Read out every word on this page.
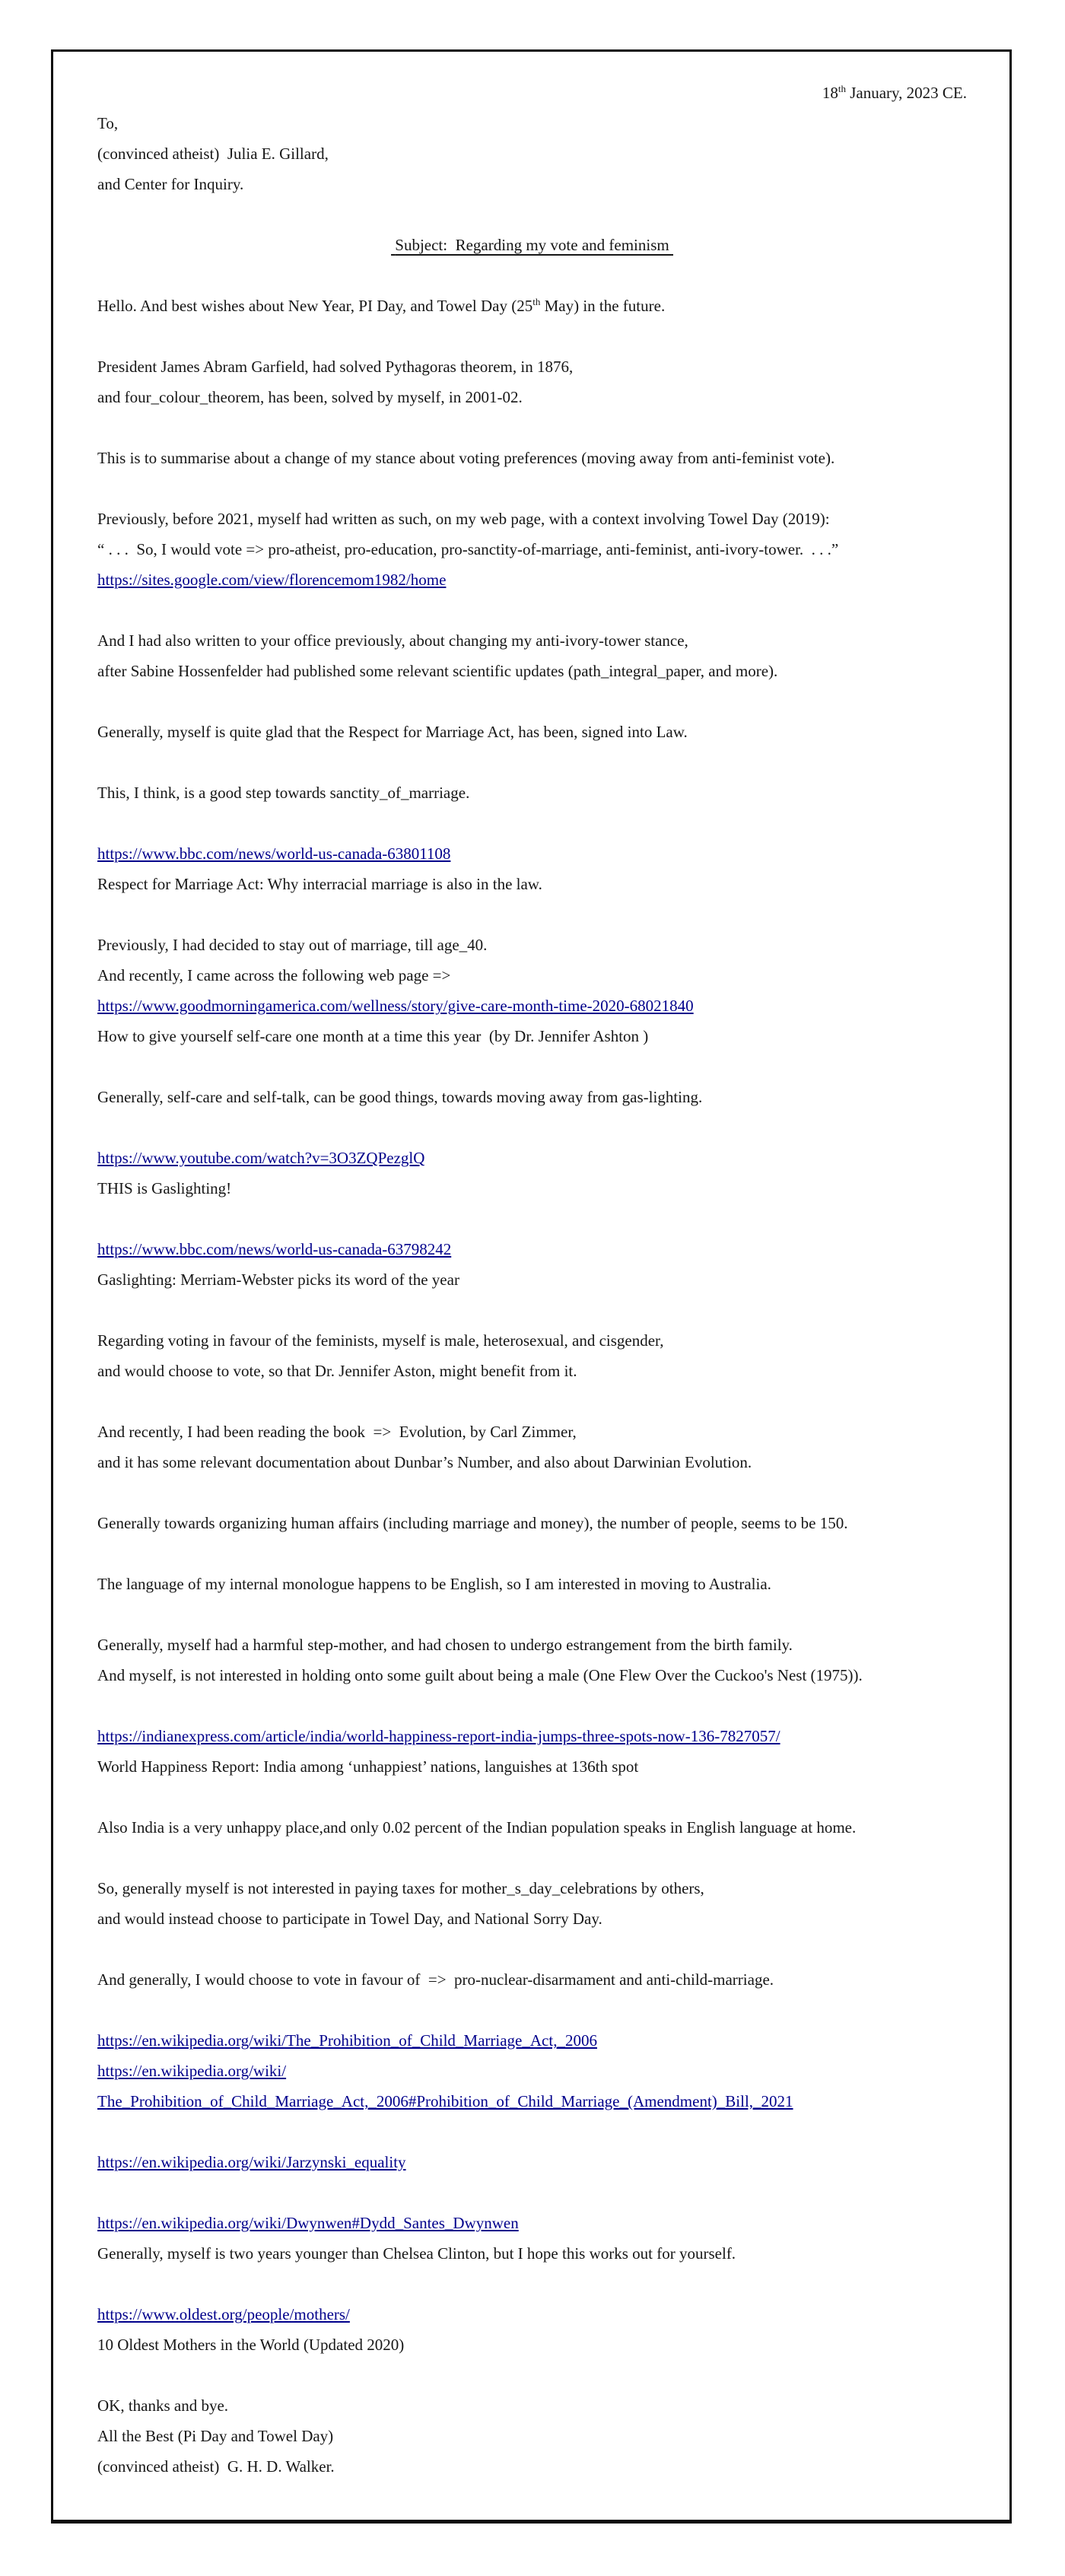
18th January, 2023 CE.
To,
(convinced atheist)  Julia E. Gillard,
and Center for Inquiry.
Subject:  Regarding my vote and feminism
Hello. And best wishes about New Year, PI Day, and Towel Day (25th May) in the future.
President James Abram Garfield, had solved Pythagoras theorem, in 1876,
and four_colour_theorem, has been, solved by myself, in 2001-02.
This is to summarise about a change of my stance about voting preferences (moving away from anti-feminist vote).
Previously, before 2021, myself had written as such, on my web page, with a context involving Towel Day (2019):
“ . . .  So, I would vote => pro-atheist, pro-education, pro-sanctity-of-marriage, anti-feminist, anti-ivory-tower.  . . .”
https://sites.google.com/view/florencemom1982/home
And I had also written to your office previously, about changing my anti-ivory-tower stance,
after Sabine Hossenfelder had published some relevant scientific updates (path_integral_paper, and more).
Generally, myself is quite glad that the Respect for Marriage Act, has been, signed into Law.
This, I think, is a good step towards sanctity_of_marriage.
https://www.bbc.com/news/world-us-canada-63801108
Respect for Marriage Act: Why interracial marriage is also in the law.
Previously, I had decided to stay out of marriage, till age_40.
And recently, I came across the following web page =>
https://www.goodmorningamerica.com/wellness/story/give-care-month-time-2020-68021840
How to give yourself self-care one month at a time this year  (by Dr. Jennifer Ashton )
Generally, self-care and self-talk, can be good things, towards moving away from gas-lighting.
https://www.youtube.com/watch?v=3O3ZQPezglQ
THIS is Gaslighting!
https://www.bbc.com/news/world-us-canada-63798242
Gaslighting: Merriam-Webster picks its word of the year
Regarding voting in favour of the feminists, myself is male, heterosexual, and cisgender,
and would choose to vote, so that Dr. Jennifer Aston, might benefit from it.
And recently, I had been reading the book  =>  Evolution, by Carl Zimmer,
and it has some relevant documentation about Dunbar’s Number, and also about Darwinian Evolution.
Generally towards organizing human affairs (including marriage and money), the number of people, seems to be 150.
The language of my internal monologue happens to be English, so I am interested in moving to Australia.
Generally, myself had a harmful step-mother, and had chosen to undergo estrangement from the birth family.
And myself, is not interested in holding onto some guilt about being a male (One Flew Over the Cuckoo's Nest (1975)).
https://indianexpress.com/article/india/world-happiness-report-india-jumps-three-spots-now-136-7827057/
World Happiness Report: India among ‘unhappiest’ nations, languishes at 136th spot
Also India is a very unhappy place,and only 0.02 percent of the Indian population speaks in English language at home.
So, generally myself is not interested in paying taxes for mother_s_day_celebrations by others,
and would instead choose to participate in Towel Day, and National Sorry Day.
And generally, I would choose to vote in favour of  =>  pro-nuclear-disarmament and anti-child-marriage.
https://en.wikipedia.org/wiki/The_Prohibition_of_Child_Marriage_Act,_2006
https://en.wikipedia.org/wiki/
The_Prohibition_of_Child_Marriage_Act,_2006#Prohibition_of_Child_Marriage_(Amendment)_Bill,_2021
https://en.wikipedia.org/wiki/Jarzynski_equality
https://en.wikipedia.org/wiki/Dwynwen#Dydd_Santes_Dwynwen
Generally, myself is two years younger than Chelsea Clinton, but I hope this works out for yourself.
https://www.oldest.org/people/mothers/
10 Oldest Mothers in the World (Updated 2020)
OK, thanks and bye.
All the Best (Pi Day and Towel Day)
(convinced atheist)  G. H. D. Walker.
